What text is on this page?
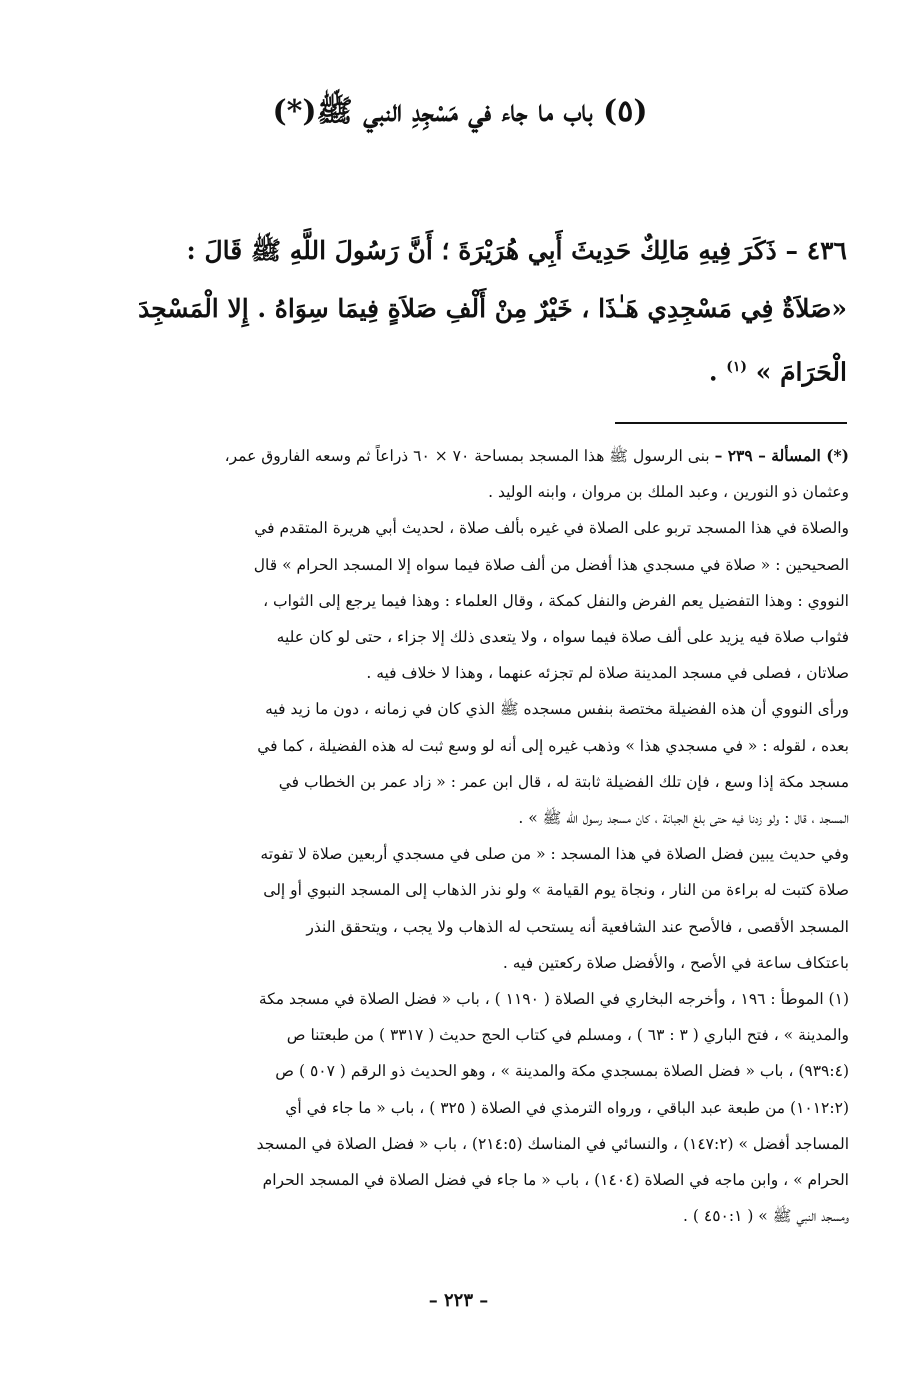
(٥) باب ما جاء في مَسْجِدِ النبي ﷺ(*)

٤٣٦ – ذَكَرَ فِيهِ مَالِكٌ حَدِيثَ أَبِي هُرَيْرَةَ ؛ أَنَّ رَسُولَ اللَّهِ ﷺ قَالَ :

«صَلاَةٌ فِي مَسْجِدِي هَـٰذَا ، خَيْرٌ مِنْ أَلْفِ صَلاَةٍ فِيمَا سِوَاهُ . إِلا الْمَسْجِدَ

الْحَرَامَ » $^{(١)}$ .

(*) المسألة – ٢٣٩ – بنى الرسول ﷺ هذا المسجد بمساحة ٧٠ × ٦٠ ذراعاً ثم وسعه الفاروق عمر،

وعثمان ذو النورين ، وعبد الملك بن مروان ، وابنه الوليد .

والصلاة في هذا المسجد تربو على الصلاة في غيره بألف صلاة ، لحديث أبي هريرة المتقدم في

الصحيحين : « صلاة في مسجدي هذا أفضل من ألف صلاة فيما سواه إلا المسجد الحرام » قال

النووي : وهذا التفضيل يعم الفرض والنفل كمكة ، وقال العلماء : وهذا فيما يرجع إلى الثواب ،

فثواب صلاة فيه يزيد على ألف صلاة فيما سواه ، ولا يتعدى ذلك إلا جزاء ، حتى لو كان عليه

صلاتان ، فصلى في مسجد المدينة صلاة لم تجزئه عنهما ، وهذا لا خلاف فيه .

ورأى النووي أن هذه الفضيلة مختصة بنفس مسجده ﷺ الذي كان في زمانه ، دون ما زيد فيه

بعده ، لقوله : « في مسجدي هذا » وذهب غيره إلى أنه لو وسع ثبت له هذه الفضيلة ، كما في

مسجد مكة إذا وسع ، فإن تلك الفضيلة ثابتة له ، قال ابن عمر : « زاد عمر بن الخطاب في

المسجد ، قال : ولو زدنا فيه حتى بلغ الجبانة ، كان مسجد رسول الله ﷺ » .

وفي حديث يبين فضل الصلاة في هذا المسجد : « من صلى في مسجدي أربعين صلاة لا تفوته

صلاة كتبت له براءة من النار ، ونجاة يوم القيامة » ولو نذر الذهاب إلى المسجد النبوي أو إلى

المسجد الأقصى ، فالأصح عند الشافعية أنه يستحب له الذهاب ولا يجب ، ويتحقق النذر

باعتكاف ساعة في الأصح ، والأفضل صلاة ركعتين فيه .

(١) الموطأ : ١٩٦ ، وأخرجه البخاري في الصلاة ( ١١٩٠ ) ، باب « فضل الصلاة في مسجد مكة

والمدينة » ، فتح الباري ( ٣ : ٦٣ ) ، ومسلم في كتاب الحج حديث ( ٣٣١٧ ) من طبعتنا ص

(٩٣٩:٤) ، باب « فضل الصلاة بمسجدي مكة والمدينة » ، وهو الحديث ذو الرقم ( ٥٠٧ ) ص

(١٠١٢:٢) من طبعة عبد الباقي ، ورواه الترمذي في الصلاة ( ٣٢٥ ) ، باب « ما جاء في أي

المساجد أفضل » (١٤٧:٢) ، والنسائي في المناسك (٢١٤:٥) ، باب « فضل الصلاة في المسجد

الحرام » ، وابن ماجه في الصلاة (١٤٠٤) ، باب « ما جاء في فضل الصلاة في المسجد الحرام

ومسجد النبي ﷺ » ( ٤٥٠:١ ) .

– ٢٢٣ –
